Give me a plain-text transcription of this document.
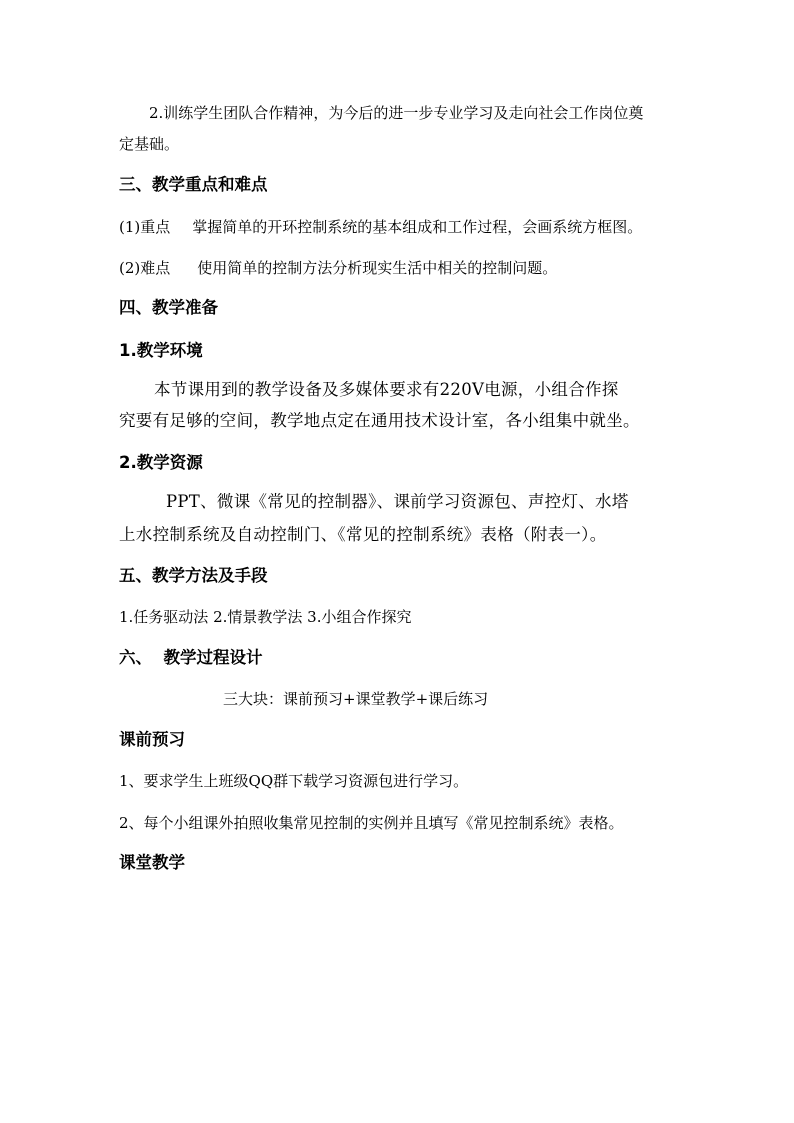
2.训练学生团队合作精神，为今后的进一步专业学习及走向社会工作岗位奠
定基础。
三、教学重点和难点
(1)重点 掌握简单的开环控制系统的基本组成和工作过程，会画系统方框图。
(2)难点 使用简单的控制方法分析现实生活中相关的控制问题。
四、教学准备
1.教学环境
本节课用到的教学设备及多媒体要求有220V电源，小组合作探
究要有足够的空间，教学地点定在通用技术设计室，各小组集中就坐。
2.教学资源
PPT、微课《常见的控制器》、课前学习资源包、声控灯、水塔
上水控制系统及自动控制门、《常见的控制系统》表格（附表一）。
五、教学方法及手段
1.任务驱动法 2.情景教学法 3.小组合作探究
六、  教学过程设计
三大块：课前预习+课堂教学+课后练习
课前预习
1、要求学生上班级QQ群下载学习资源包进行学习。
2、每个小组课外拍照收集常见控制的实例并且填写《常见控制系统》表格。
课堂教学
